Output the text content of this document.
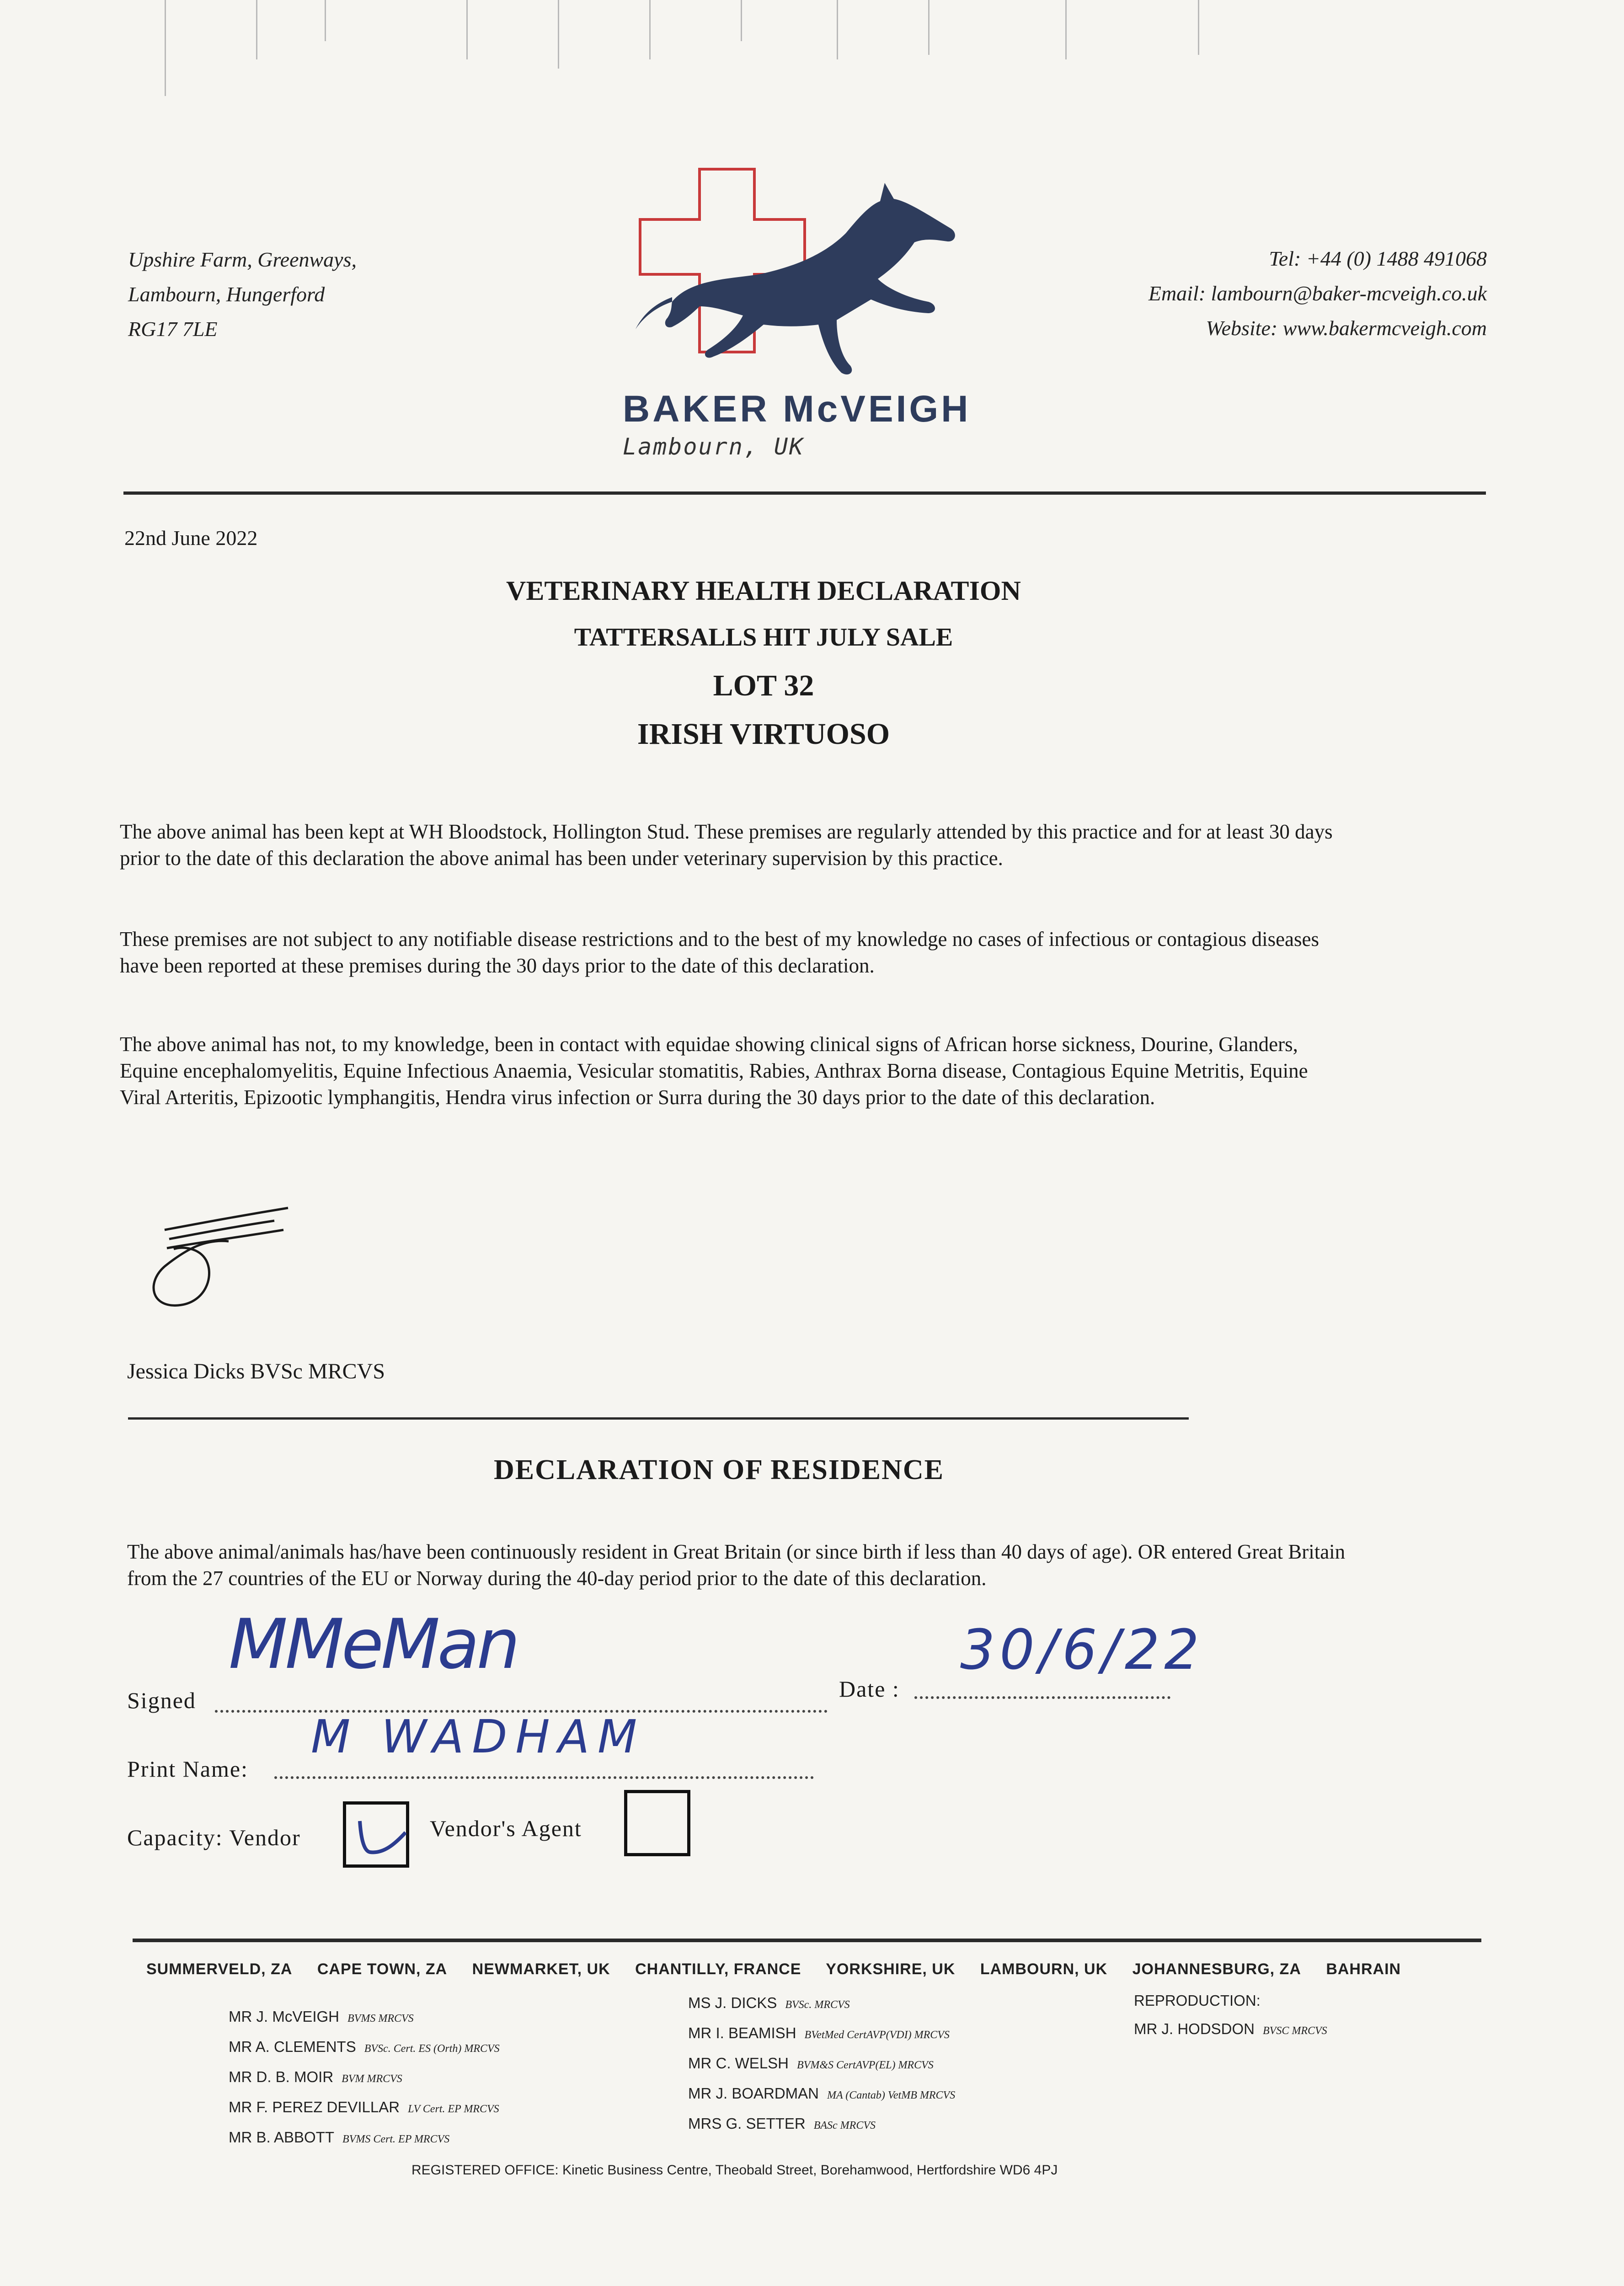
Upshire Farm, Greenways,
Lambourn, Hungerford
RG17 7LE
BAKER McVEIGH
Lambourn, UK
Tel: +44 (0) 1488 491068
Email: lambourn@baker-mcveigh.co.uk
Website: www.bakermcveigh.com
22nd June 2022
VETERINARY HEALTH DECLARATION
TATTERSALLS HIT JULY SALE
LOT 32
IRISH VIRTUOSO
The above animal has been kept at WH Bloodstock, Hollington Stud. These premises are regularly attended by this practice and for at least 30 days prior to the date of this declaration the above animal has been under veterinary supervision by this practice.
These premises are not subject to any notifiable disease restrictions and to the best of my knowledge no cases of infectious or contagious diseases have been reported at these premises during the 30 days prior to the date of this declaration.
The above animal has not, to my knowledge, been in contact with equidae showing clinical signs of African horse sickness, Dourine, Glanders, Equine encephalomyelitis, Equine Infectious Anaemia, Vesicular stomatitis, Rabies, Anthrax Borna disease, Contagious Equine Metritis, Equine Viral Arteritis, Epizootic lymphangitis, Hendra virus infection or Surra during the 30 days prior to the date of this declaration.
Jessica Dicks BVSc MRCVS
DECLARATION OF RESIDENCE
The above animal/animals has/have been continuously resident in Great Britain (or since birth if less than 40 days of age). OR entered Great Britain from the 27 countries of the EU or Norway during the 40-day period prior to the date of this declaration.
Signed
MMeMan
Date :
30/6/22
Print Name:
M WADHAM
Capacity: Vendor	Vendor's Agent
SUMMERVELD, ZA CAPE TOWN, ZA NEWMARKET, UK CHANTILLY, FRANCE YORKSHIRE, UK LAMBOURN, UK JOHANNESBURG, ZA BAHRAIN
MR J. McVEIGH BVMS MRCVS
MR A. CLEMENTS BVSc. Cert. ES (Orth) MRCVS
MR D. B. MOIR BVM MRCVS
MR F. PEREZ DEVILLAR LV Cert. EP MRCVS
MR B. ABBOTT BVMS Cert. EP MRCVS
MS J. DICKS BVSc. MRCVS
MR I. BEAMISH BVetMed CertAVP(VDI) MRCVS
MR C. WELSH BVM&S CertAVP(EL) MRCVS
MR J. BOARDMAN MA (Cantab) VetMB MRCVS
MRS G. SETTER BASc MRCVS
REPRODUCTION:
MR J. HODSDON BVSC MRCVS
REGISTERED OFFICE: Kinetic Business Centre, Theobald Street, Borehamwood, Hertfordshire WD6 4PJ
